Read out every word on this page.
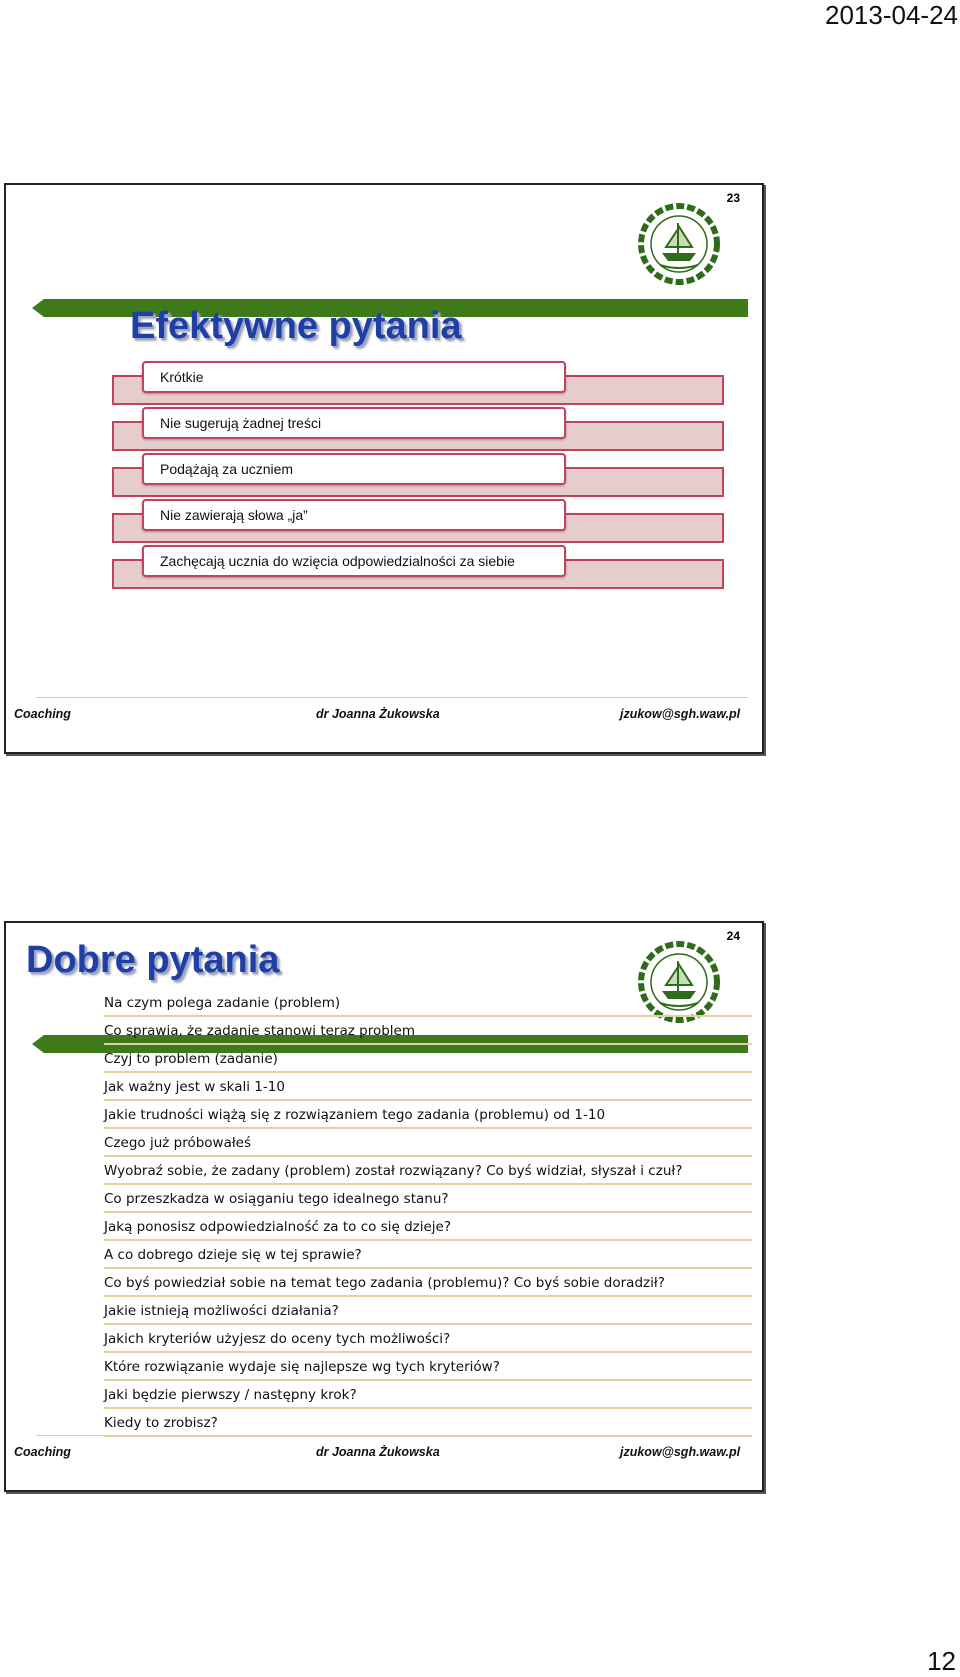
2013-04-24
23
Efektywne pytania
Krótkie
Nie sugerują żadnej treści
Podążają za uczniem
Nie zawierają słowa „ja”
Zachęcają ucznia do wzięcia odpowiedzialności za siebie
Coaching	dr Joanna Żukowska	jzukow@sgh.waw.pl
24
Dobre pytania
Na czym polega zadanie (problem)
Co sprawia, że zadanie stanowi teraz problem
Czyj to problem (zadanie)
Jak ważny jest w skali 1-10
Jakie trudności wiążą się z rozwiązaniem tego zadania (problemu) od 1-10
Czego już próbowałeś
Wyobraź sobie, że zadany (problem) został rozwiązany? Co byś widział, słyszał i czuł?
Co przeszkadza w osiąganiu tego idealnego stanu?
Jaką ponosisz odpowiedzialność za to co się dzieje?
A co dobrego dzieje się w tej sprawie?
Co byś powiedział sobie na temat tego zadania (problemu)? Co byś sobie doradził?
Jakie istnieją możliwości działania?
Jakich kryteriów użyjesz do oceny tych możliwości?
Które rozwiązanie wydaje się najlepsze wg tych kryteriów?
Jaki będzie pierwszy / następny krok?
Kiedy to zrobisz?
Coaching	dr Joanna Żukowska	jzukow@sgh.waw.pl
12
